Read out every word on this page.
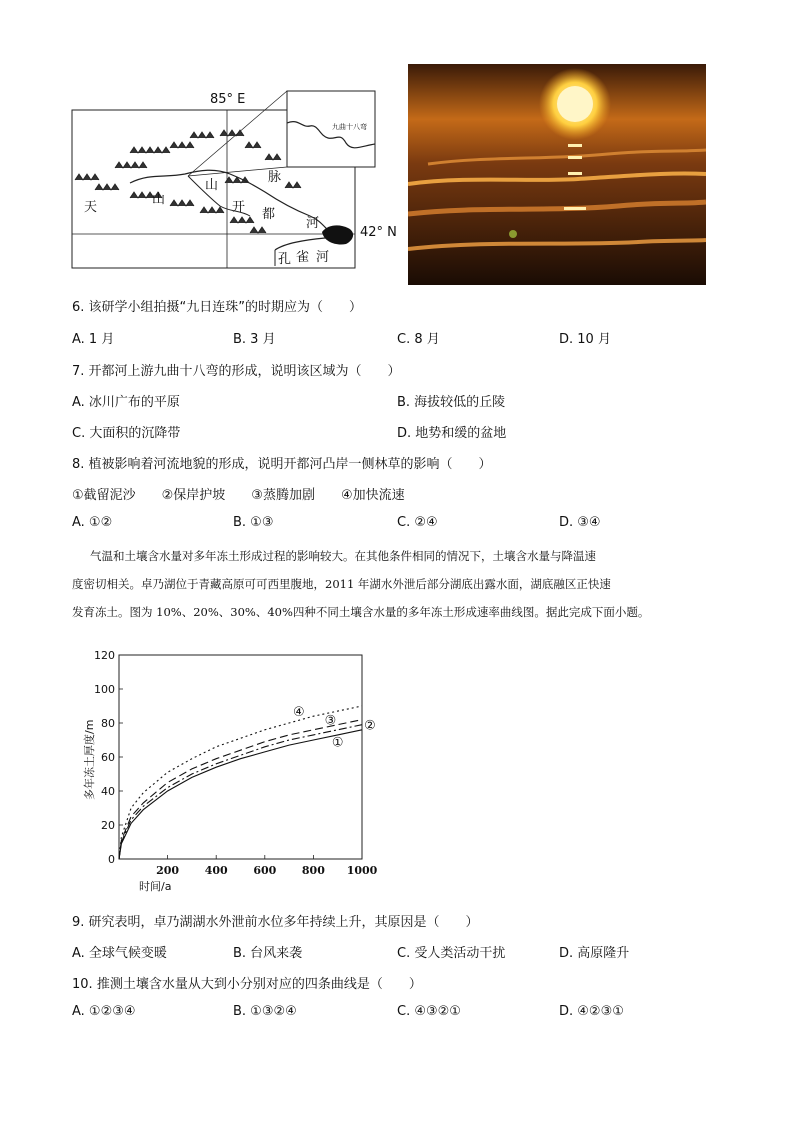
85° E
42° N
九曲十八弯
天
山
山
脉
开 都
河
孔 雀 河
6. 该研学小组拍摄“九日连珠”的时期应为（　　）
A. 1 月	B. 3 月	C. 8 月	D. 10 月
7. 开都河上游九曲十八弯的形成，说明该区域为（　　）
A. 冰川广布的平原	B. 海拔较低的丘陵
C. 大面积的沉降带	D. 地势和缓的盆地
8. 植被影响着河流地貌的形成，说明开都河凸岸一侧林草的影响（　　）
①截留泥沙　　②保岸护坡　　③蒸腾加剧　　④加快流速
A. ①②	B. ①③	C. ②④	D. ③④
气温和土壤含水量对多年冻土形成过程的影响较大。在其他条件相同的情况下，土壤含水量与降温速
度密切相关。卓乃湖位于青藏高原可可西里腹地，2011 年湖水外泄后部分湖底出露水面，湖底融区正快速
发育冻土。图为 10%、20%、30%、40%四种不同土壤含水量的多年冻土形成速率曲线图。据此完成下面小题。
0
20
40
60
80
100
120
200 400 600 800 1000
时间/a
多年冻土厚度/m	①
②
③
④
9. 研究表明，卓乃湖湖水外泄前水位多年持续上升，其原因是（　　）
A. 全球气候变暖	B. 台风来袭	C. 受人类活动干扰	D. 高原隆升
10. 推测土壤含水量从大到小分别对应的四条曲线是（　　）
A. ①②③④	B. ①③②④	C. ④③②①	D. ④②③①
